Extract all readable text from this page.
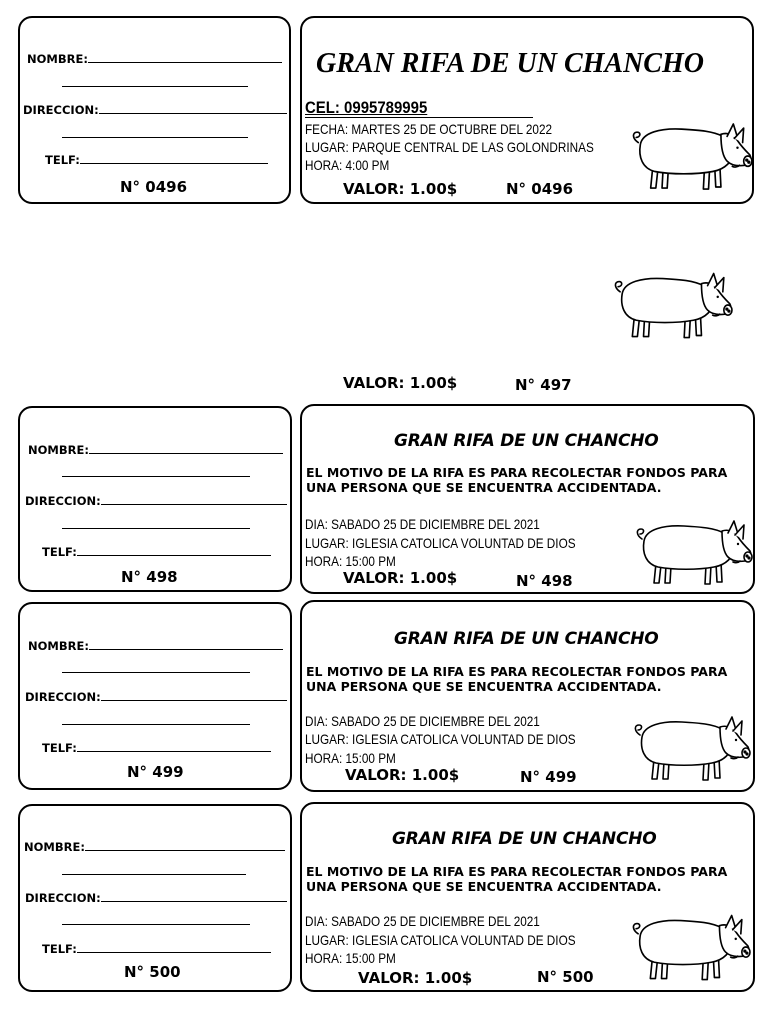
NOMBRE:
DIRECCION:
TELF:
N° 0496
GRAN RIFA DE UN CHANCHO
CEL: 0995789995
FECHA: MARTES 25 DE OCTUBRE DEL 2022
LUGAR: PARQUE CENTRAL DE LAS GOLONDRINAS
HORA: 4:00 PM
VALOR: 1.00$	N° 0496
VALOR: 1.00$	N° 497
NOMBRE:
DIRECCION:
TELF:
N° 498
GRAN RIFA DE UN CHANCHO
EL MOTIVO DE LA RIFA ES PARA RECOLECTAR FONDOS PARA
UNA PERSONA QUE SE ENCUENTRA ACCIDENTADA.
DIA: SABADO 25 DE DICIEMBRE DEL 2021
LUGAR: IGLESIA CATOLICA VOLUNTAD DE DIOS
HORA: 15:00 PM
VALOR: 1.00$	N° 498
NOMBRE:
DIRECCION:
TELF:
N° 499
GRAN RIFA DE UN CHANCHO
EL MOTIVO DE LA RIFA ES PARA RECOLECTAR FONDOS PARA
UNA PERSONA QUE SE ENCUENTRA ACCIDENTADA.
DIA: SABADO 25 DE DICIEMBRE DEL 2021
LUGAR: IGLESIA CATOLICA VOLUNTAD DE DIOS
HORA: 15:00 PM
VALOR: 1.00$	N° 499
NOMBRE:
DIRECCION:
TELF:
N° 500
GRAN RIFA DE UN CHANCHO
EL MOTIVO DE LA RIFA ES PARA RECOLECTAR FONDOS PARA
UNA PERSONA QUE SE ENCUENTRA ACCIDENTADA.
DIA: SABADO 25 DE DICIEMBRE DEL 2021
LUGAR: IGLESIA CATOLICA VOLUNTAD DE DIOS
HORA: 15:00 PM
VALOR: 1.00$	N° 500
